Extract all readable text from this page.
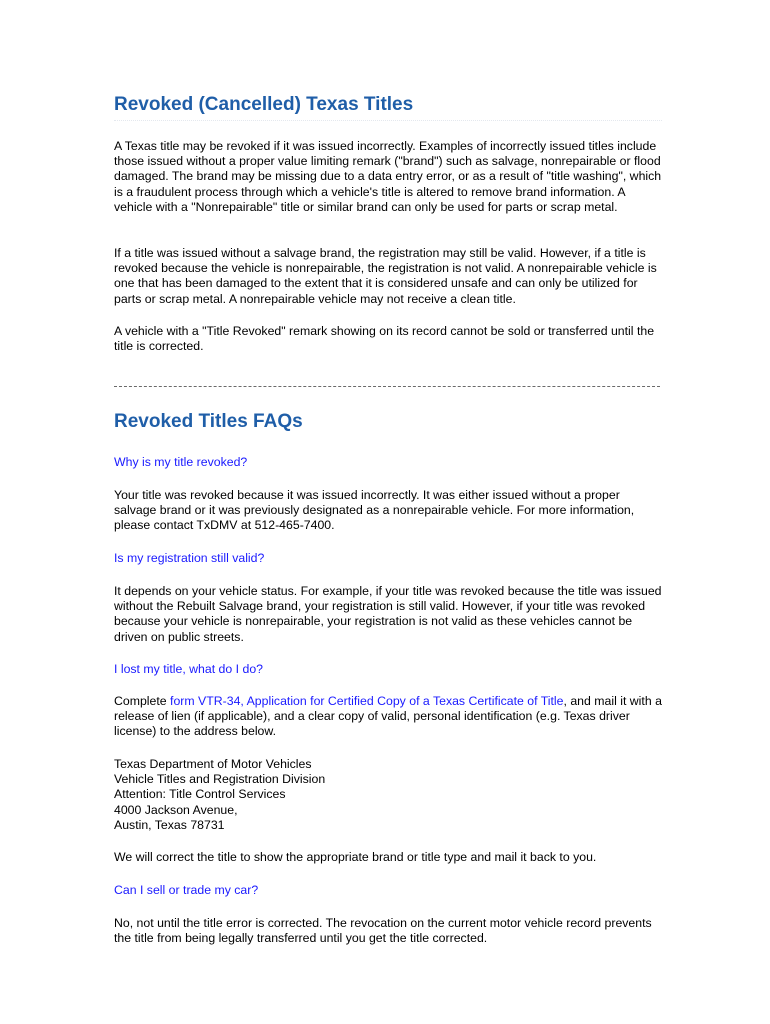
Revoked (Cancelled) Texas Titles

A Texas title may be revoked if it was issued incorrectly. Examples of incorrectly issued titles include those issued without a proper value limiting remark ("brand") such as salvage, nonrepairable or flood damaged. The brand may be missing due to a data entry error, or as a result of "title washing", which is a fraudulent process through which a vehicle's title is altered to remove brand information. A vehicle with a "Nonrepairable" title or similar brand can only be used for parts or scrap metal.

If a title was issued without a salvage brand, the registration may still be valid. However, if a title is revoked because the vehicle is nonrepairable, the registration is not valid. A nonrepairable vehicle is one that has been damaged to the extent that it is considered unsafe and can only be utilized for parts or scrap metal. A nonrepairable vehicle may not receive a clean title.

A vehicle with a "Title Revoked" remark showing on its record cannot be sold or transferred until the title is corrected.

Revoked Titles FAQs

Why is my title revoked?

Your title was revoked because it was issued incorrectly. It was either issued without a proper salvage brand or it was previously designated as a nonrepairable vehicle. For more information, please contact TxDMV at 512-465-7400.

Is my registration still valid?

It depends on your vehicle status. For example, if your title was revoked because the title was issued without the Rebuilt Salvage brand, your registration is still valid. However, if your title was revoked because your vehicle is nonrepairable, your registration is not valid as these vehicles cannot be driven on public streets.

I lost my title, what do I do?

Complete form VTR-34, Application for Certified Copy of a Texas Certificate of Title, and mail it with a release of lien (if applicable), and a clear copy of valid, personal identification (e.g. Texas driver license) to the address below.

Texas Department of Motor Vehicles

Vehicle Titles and Registration Division

Attention: Title Control Services

4000 Jackson Avenue,

Austin, Texas 78731

We will correct the title to show the appropriate brand or title type and mail it back to you.

Can I sell or trade my car?

No, not until the title error is corrected. The revocation on the current motor vehicle record prevents the title from being legally transferred until you get the title corrected.
